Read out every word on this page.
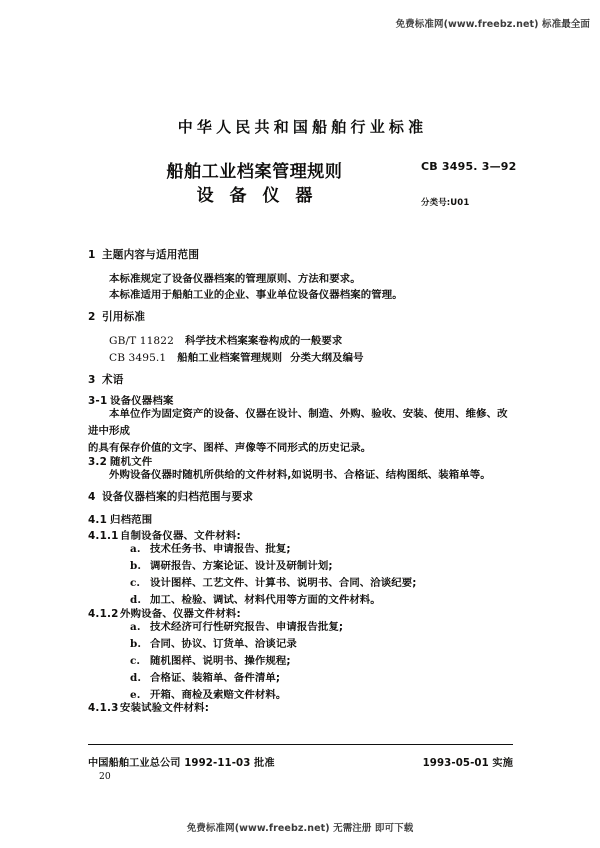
免费标准网(www.freebz.net) 标准最全面
中华人民共和国船舶行业标准
船舶工业档案管理规则
设 备 仪 器
CB 3495. 3—92
分类号:U01
1 主题内容与适用范围
本标准规定了设备仪器档案的管理原则、方法和要求。
本标准适用于船舶工业的企业、事业单位设备仪器档案的管理。
2 引用标准
GB/T 11822 科学技术档案案卷构成的一般要求
CB 3495.1 船舶工业档案管理规则 分类大纲及编号
3 术语
3-1 设备仪器档案
本单位作为固定资产的设备、仪器在设计、制造、外购、验收、安装、使用、维修、改进中形成
的具有保存价值的文字、图样、声像等不同形式的历史记录。
3.2 随机文件
外购设备仪器时随机所供给的文件材料,如说明书、合格证、结构图纸、装箱单等。
4 设备仪器档案的归档范围与要求
4.1 归档范围
4.1.1自制设备仪器、文件材料:
a. 技术任务书、申请报告、批复;
b. 调研报告、方案论证、设计及研制计划;
c. 设计图样、工艺文件、计算书、说明书、合同、洽谈纪要;
d. 加工、检验、调试、材料代用等方面的文件材料。
4.1.2外购设备、仪器文件材料:
a. 技术经济可行性研究报告、申请报告批复;
b. 合同、协议、订货单、洽谈记录
c. 随机图样、说明书、操作规程;
d. 合格证、装箱单、备件清单;
e. 开箱、商检及索赔文件材料。
4.1.3安装试验文件材料:
中国船舶工业总公司 1992-11-03 批准	1993-05-01 实施
20
免费标准网(www.freebz.net) 无需注册 即可下载
